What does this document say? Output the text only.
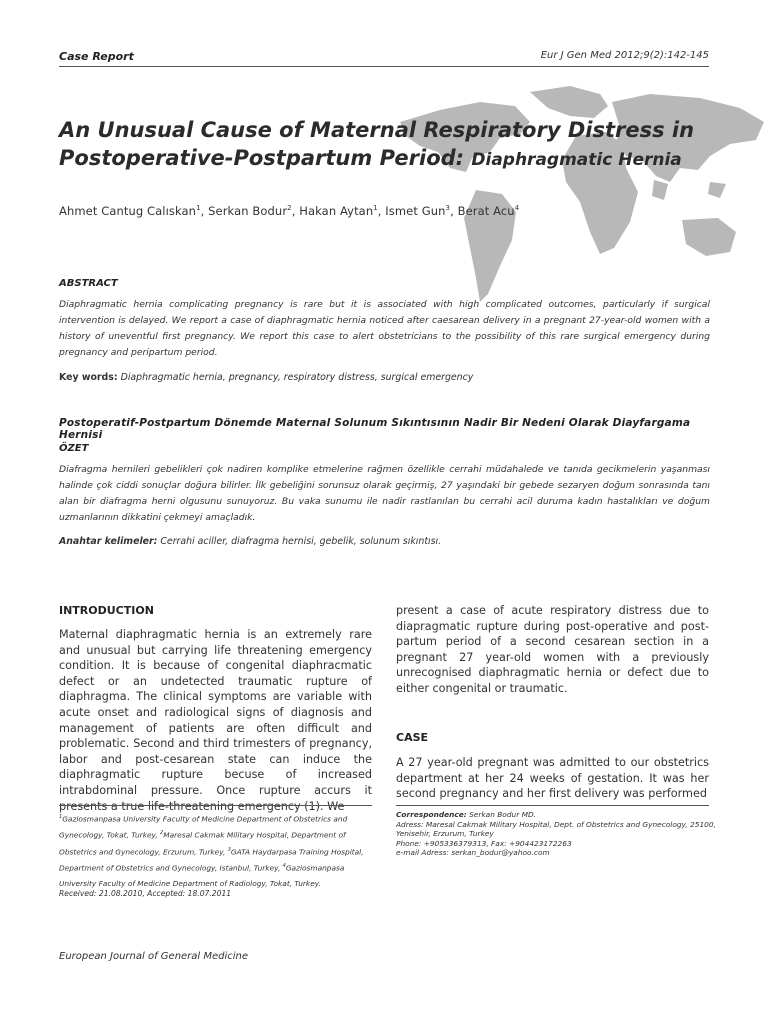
Case Report	Eur J Gen Med 2012;9(2):142-145
An Unusual Cause of Maternal Respiratory Distress in Postoperative-Postpartum Period: Diaphragmatic Hernia
Ahmet Cantug Calıskan$^1$, Serkan Bodur$^2$, Hakan Aytan$^1$, Ismet Gun$^3$, Berat Acu$^4$
ABSTRACT
Diaphragmatic hernia complicating pregnancy is rare but it is associated with high complicated outcomes, particularly if surgical intervention is delayed. We report a case of diaphragmatic hernia noticed after caesarean delivery in a pregnant 27-year-old women with a history of uneventful first pregnancy. We report this case to alert obstetricians to the possibility of this rare surgical emergency during pregnancy and peripartum period.
Key words: Diaphragmatic hernia, pregnancy, respiratory distress, surgical emergency
Postoperatif-Postpartum Dönemde Maternal Solunum Sıkıntısının Nadir Bir Nedeni Olarak Diayfargama Hernisi
ÖZET
Diafragma hernileri gebelikleri çok nadiren komplike etmelerine rağmen özellikle cerrahi müdahalede ve tanıda gecikmelerin yaşanması halinde çok ciddi sonuçlar doğura bilirler. İlk gebeliğini sorunsuz olarak geçirmiş, 27 yaşındaki bir gebede sezaryen doğum sonrasında tanı alan bir diafragma herni olgusunu sunuyoruz. Bu vaka sunumu ile nadir rastlanılan bu cerrahi acil duruma kadın hastalıkları ve doğum uzmanlarının dikkatini çekmeyi amaçladık.
Anahtar kelimeler: Cerrahi aciller, diafragma hernisi, gebelik, solunum sıkıntısı.
INTRODUCTION
Maternal diaphragmatic hernia is an extremely rare and unusual but carrying life threatening emergency condition. It is because of congenital diaphracmatic defect or an undetected traumatic rupture of diaphragma. The clinical symptoms are variable with acute onset and radiological signs of diagnosis and management of patients are often difficult and problematic. Second and third trimesters of pregnancy, labor and post-cesarean state can induce the diaphragmatic rupture becuse of increased intrabdominal pressure. Once rupture accurs it presents a true life-threatening emergency (1). We
present a case of acute respiratory distress due to diapragmatic rupture during post-operative and post-partum period of a second cesarean section in a pregnant 27 year-old women with a previously unrecognised diaphragmatic hernia or defect due to either congenital or traumatic.
CASE
A 27 year-old pregnant was admitted to our obstetrics department at her 24 weeks of gestation. It was her second pregnancy and her first delivery was performed
$^1$Gaziosmanpasa University Faculty of Medicine Department of Obstetrics and Gynecology, Tokat, Turkey, $^2$Maresal Cakmak Military Hospital, Department of Obstetrics and Gynecology, Erzurum, Turkey, $^3$GATA Haydarpasa Training Hospital, Department of Obstetrics and Gynecology, Istanbul, Turkey, $^4$Gaziosmanpasa University Faculty of Medicine Department of Radiology, Tokat, Turkey.
Correspondence: Serkan Bodur MD.
Adress: Maresal Cakmak Military Hospital, Dept. of Obstetrics and Gynecology, 25100, Yenisehir, Erzurum, Turkey
Phone: +905336379313, Fax: +904423172263
e-mail Adress: serkan_bodur@yahoo.com
Received: 21.08.2010, Accepted: 18.07.2011
European Journal of General Medicine
